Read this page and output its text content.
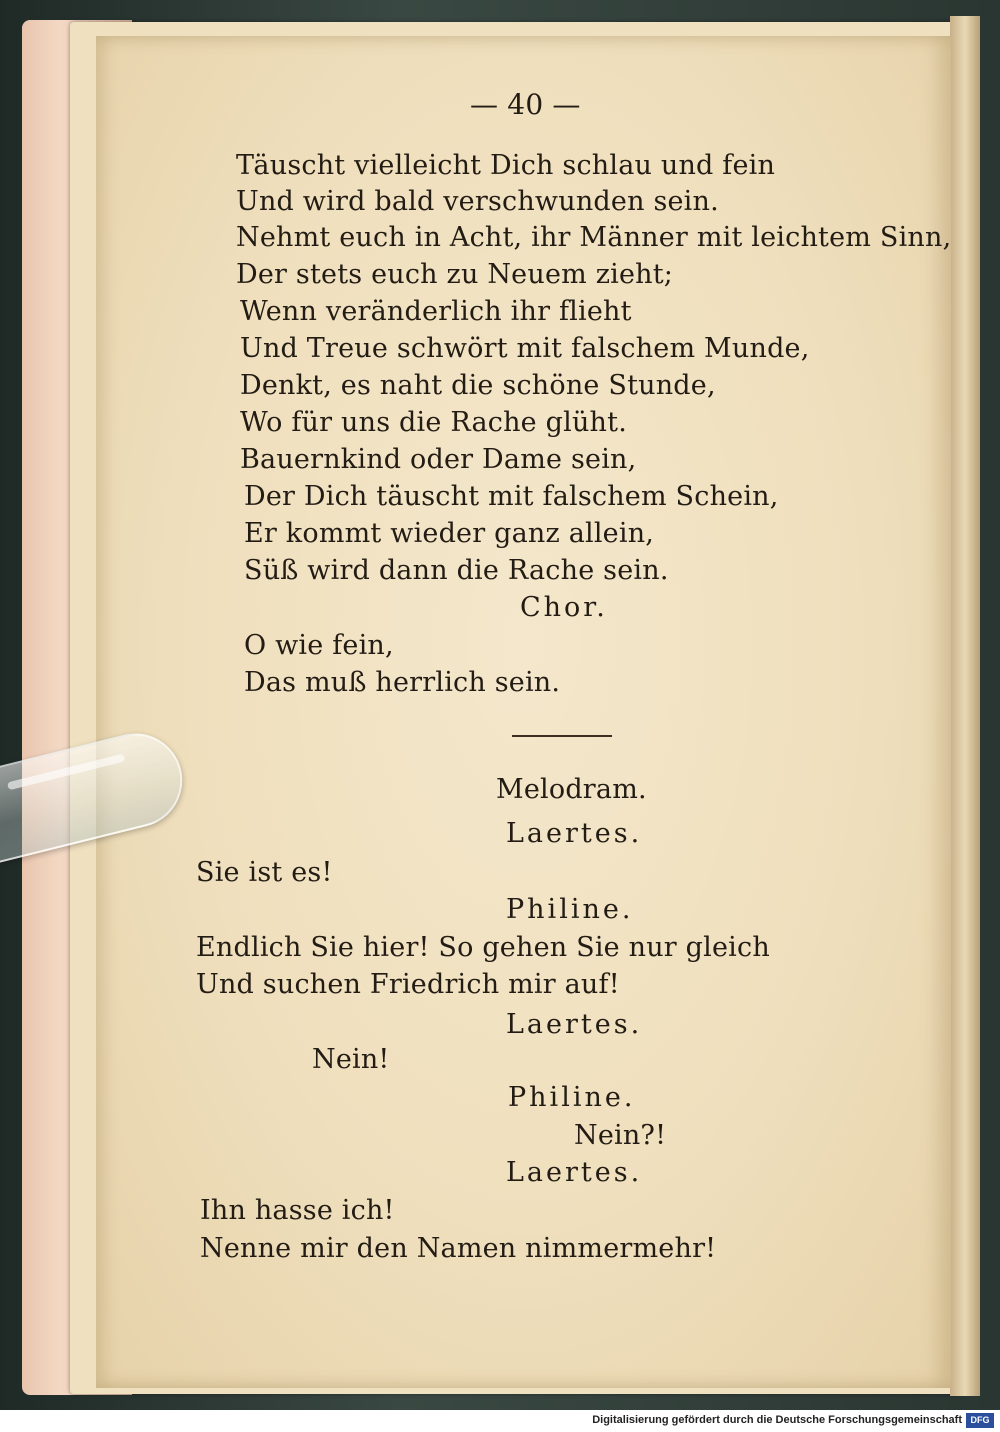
— 40 —
Täuscht vielleicht Dich schlau und fein
Und wird bald verschwunden sein.
Nehmt euch in Acht, ihr Männer mit leichtem Sinn,
Der stets euch zu Neuem zieht;
Wenn veränderlich ihr flieht
Und Treue schwört mit falschem Munde,
Denkt, es naht die schöne Stunde,
Wo für uns die Rache glüht.
Bauernkind oder Dame sein,
Der Dich täuscht mit falschem Schein,
Er kommt wieder ganz allein,
Süß wird dann die Rache sein.
Chor.
O wie fein,
Das muß herrlich sein.
Melodram.
Laertes.
Sie ist es!
Philine.
Endlich Sie hier! So gehen Sie nur gleich
Und suchen Friedrich mir auf!
Laertes.
Nein!
Philine.
Nein?!
Laertes.
Ihn hasse ich!
Nenne mir den Namen nimmermehr!
Digitalisierung gefördert durch die Deutsche Forschungsgemeinschaft DFG
